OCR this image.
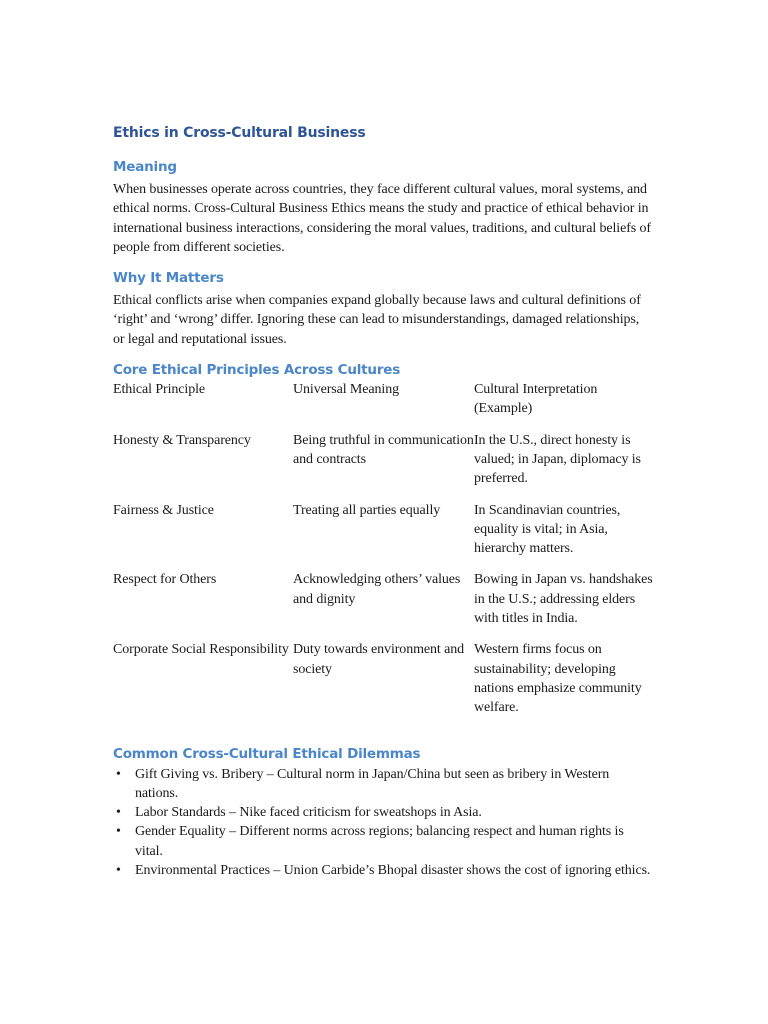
Ethics in Cross-Cultural Business
Meaning

When businesses operate across countries, they face different cultural values, moral systems, and ethical norms. Cross-Cultural Business Ethics means the study and practice of ethical behavior in international business interactions, considering the moral values, traditions, and cultural beliefs of people from different societies.

Why It Matters

Ethical conflicts arise when companies expand globally because laws and cultural definitions of ‘right’ and ‘wrong’ differ. Ignoring these can lead to misunderstandings, damaged relationships, or legal and reputational issues.

Core Ethical Principles Across Cultures
Ethical Principle	Universal Meaning	Cultural Interpretation (Example)
Honesty & Transparency	Being truthful in communication and contracts	In the U.S., direct honesty is valued; in Japan, diplomacy is preferred.
Fairness & Justice	Treating all parties equally	In Scandinavian countries, equality is vital; in Asia, hierarchy matters.
Respect for Others	Acknowledging others’ values and dignity	Bowing in Japan vs. handshakes in the U.S.; addressing elders with titles in India.
Corporate Social Responsibility	Duty towards environment and society	Western firms focus on sustainability; developing nations emphasize community welfare.
Common Cross-Cultural Ethical Dilemmas
• Gift Giving vs. Bribery – Cultural norm in Japan/China but seen as bribery in Western nations.
• Labor Standards – Nike faced criticism for sweatshops in Asia.
• Gender Equality – Different norms across regions; balancing respect and human rights is vital.
• Environmental Practices – Union Carbide’s Bhopal disaster shows the cost of ignoring ethics.
